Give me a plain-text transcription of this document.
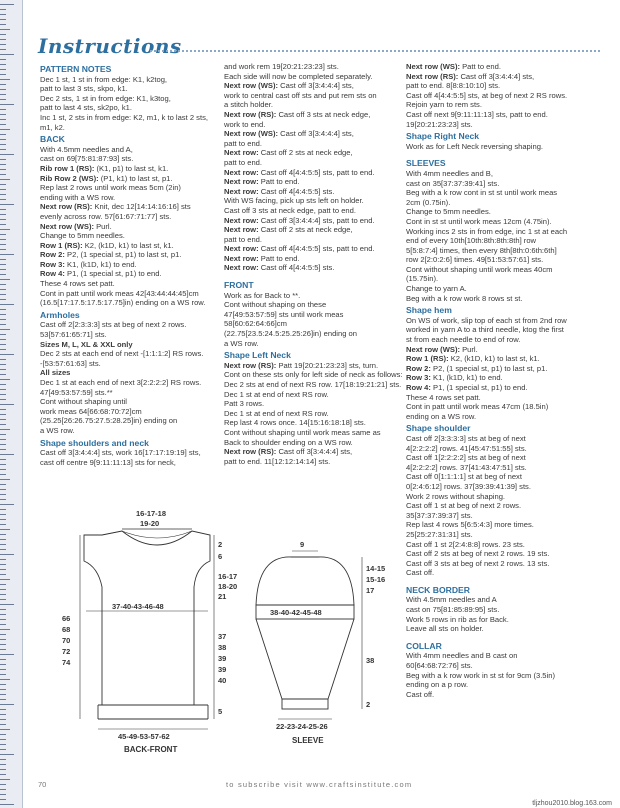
Instructions

PATTERN NOTES

Dec 1 st, 1 st in from edge: K1, k2tog,

patt to last 3 sts, skpo, k1.

Dec 2 sts, 1 st in from edge: K1, k3tog,

patt to last 4 sts, sk2po, k1.

Inc 1 st, 2 sts in from edge: K2, m1, k to last 2 sts,

m1, k2.

BACK

With 4.5mm needles and A,

cast on 69[75:81:87:93] sts.

Rib row 1 (RS): (K1, p1) to last st, k1.

Rib Row 2 (WS): (P1, k1) to last st, p1.

Rep last 2 rows until work meas 5cm (2in)

ending with a WS row.

Next row (RS): Knit, dec 12[14:14:16:16] sts

evenly across row. 57[61:67:71:77] sts.

Next row (WS): Purl.

Change to 5mm needles.

Row 1 (RS): K2, (k1D, k1) to last st, k1.

Row 2: P2, (1 special st, p1) to last st, p1.

Row 3: K1, (k1D, k1) to end.

Row 4: P1, (1 special st, p1) to end.

These 4 rows set patt.

Cont in patt until work meas 42[43:44:44:45]cm

(16.5[17:17.5:17.5:17.75]in) ending on a WS row.

Armholes

Cast off 2[2:3:3:3] sts at beg of next 2 rows.

53[57:61:65:71] sts.

Sizes M, L, XL & XXL only

Dec 2 sts at each end of next -[1:1:1:2] RS rows.

-[53:57:61:63] sts.

All sizes

Dec 1 st at each end of next 3[2:2:2:2] RS rows.

47[49:53:57:59] sts.**

Cont without shaping until

work meas 64[66:68:70:72]cm

(25.25[26:26.75:27.5:28.25]in) ending on

a WS row.

Shape shoulders and neck

Cast off 3[3:4:4:4] sts, work 16[17:17:19:19] sts,

cast off centre 9[9:11:11:13] sts for neck,

and work rem 19[20:21:23:23] sts.

Each side will now be completed separately.

Next row (WS): Cast off 3[3:4:4:4] sts,

work to central cast off sts and put rem sts on

a stitch holder.

Next row (RS): Cast off 3 sts at neck edge,

work to end.

Next row (WS): Cast off 3[3:4:4:4] sts,

patt to end.

Next row: Cast off 2 sts at neck edge,

patt to end.

Next row: Cast off 4[4:4:5:5] sts, patt to end.

Next row: Patt to end.

Next row: Cast off 4[4:4:5:5] sts.

With WS facing, pick up sts left on holder.

Cast off 3 sts at neck edge, patt to end.

Next row: Cast off 3[3:4:4:4] sts, patt to end.

Next row: Cast off 2 sts at neck edge,

patt to end.

Next row: Cast off 4[4:4:5:5] sts, patt to end.

Next row: Patt to end.

Next row: Cast off 4[4:4:5:5] sts.

FRONT

Work as for Back to **.

Cont without shaping on these

47[49:53:57:59] sts until work meas

58[60:62:64:66]cm

(22.75[23.5:24.5:25.25:26]in) ending on

a WS row.

Shape Left Neck

Next row (RS): Patt 19[20:21:23:23] sts, turn.

Cont on these sts only for left side of neck as follows:

Dec 2 sts at end of next RS row. 17[18:19:21:21] sts.

Dec 1 st at end of next RS row.

Patt 3 rows.

Dec 1 st at end of next RS row.

Rep last 4 rows once. 14[15:16:18:18] sts.

Cont without shaping until work meas same as

Back to shoulder ending on a WS row.

Next row (RS): Cast off 3[3:4:4:4] sts,

patt to end. 11[12:12:14:14] sts.

Next row (WS): Patt to end.

Next row (RS): Cast off 3[3:4:4:4] sts,

patt to end. 8[8:8:10:10] sts.

Cast off 4[4:4:5:5] sts, at beg of next 2 RS rows.

Rejoin yarn to rem sts.

Cast off next 9[9:11:11:13] sts, patt to end.

19[20:21:23:23] sts.

Shape Right Neck

Work as for Left Neck reversing shaping.

SLEEVES

With 4mm needles and B,

cast on 35[37:37:39:41] sts.

Beg with a k row cont in st st until work meas

2cm (0.75in).

Change to 5mm needles.

Cont in st st until work meas 12cm (4.75in).

Working incs 2 sts in from edge, inc 1 st at each

end of every 10th[10th:8th:8th:8th] row

5[5:8:7:4] times, then every 8th[8th:0:6th:6th]

row 2[2:0:2:6] times. 49[51:53:57:61] sts.

Cont without shaping until work meas 40cm

(15.75in).

Change to yarn A.

Beg with a k row work 8 rows st st.

Shape hem

On WS of work, slip top of each st from 2nd row

worked in yarn A to a third needle, ktog the first

st from each needle to end of row.

Next row (WS): Purl.

Row 1 (RS): K2, (k1D, k1) to last st, k1.

Row 2: P2, (1 special st, p1) to last st, p1.

Row 3: K1, (k1D, k1) to end.

Row 4: P1, (1 special st, p1) to end.

These 4 rows set patt.

Cont in patt until work meas 47cm (18.5in)

ending on a WS row.

Shape shoulder

Cast off 2[3:3:3:3] sts at beg of next

4[2:2:2:2] rows. 41[45:47:51:55] sts.

Cast off 1[2:2:2:2] sts at beg of next

4[2:2:2:2] rows. 37[41:43:47:51] sts.

Cast off 0[1:1:1:1] st at beg of next

0[2:4:6:12] rows. 37[39:39:41:39] sts.

Work 2 rows without shaping.

Cast off 1 st at beg of next 2 rows.

35[37:37:39:37] sts.

Rep last 4 rows 5[6:5:4:3] more times.

25[25:27:31:31] sts.

Cast off 1 st 2[2:4:8:8] rows. 23 sts.

Cast off 2 sts at beg of next 2 rows. 19 sts.

Cast off 3 sts at beg of next 2 rows. 13 sts.

Cast off.

NECK BORDER

With 4.5mm needles and A

cast on 75[81:85:89:95] sts.

Work 5 rows in rib as for Back.

Leave all sts on holder.

COLLAR

With 4mm needles and B cast on

60[64:68:72:76] sts.

Beg with a k row work in st st for 9cm (3.5in)

ending on a p row.

Cast off.

16-17-18
19-20
37-40-43-46-48
66
68
70
72
74
2
6
16-17
18-20
21
37
38
39
39
40
5
45-49-53-57-62
BACK-FRONT
9
38-40-42-45-48
22-23-24-25-26
SLEEVE
14-15
15-16
17
38
2
70	to subscribe visit www.craftsinstitute.com
tljzhou2010.blog.163.com
